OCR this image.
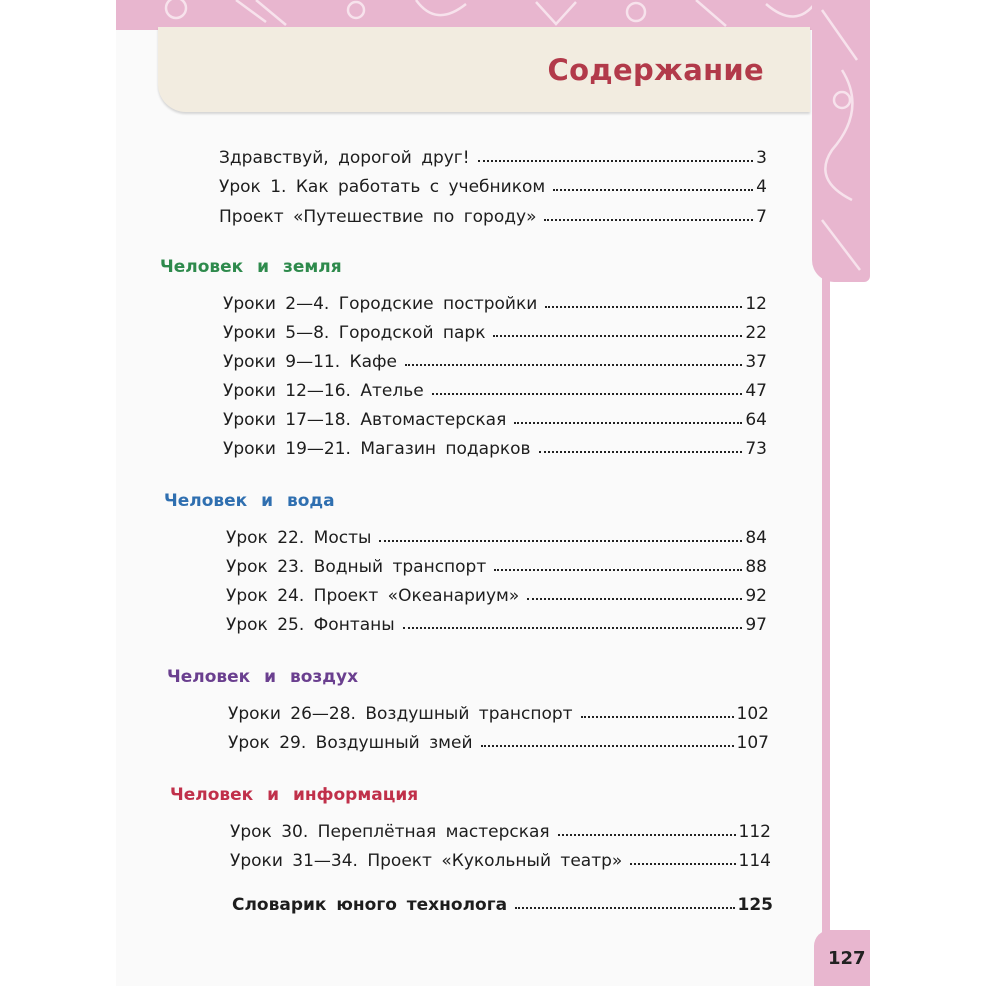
Содержание
Здравствуй, дорогой друг!	3
Урок 1. Как работать с учебником	4
Проект «Путешествие по городу»	7
Человек и земля
Уроки 2—4. Городские постройки	12
Уроки 5—8. Городской парк	22
Уроки 9—11. Кафе	37
Уроки 12—16. Ателье	47
Уроки 17—18. Автомастерская	64
Уроки 19—21. Магазин подарков	73
Человек и вода
Урок 22. Мосты	84
Урок 23. Водный транспорт	88
Урок 24. Проект «Океанариум»	92
Урок 25. Фонтаны	97
Человек и воздух
Уроки 26—28. Воздушный транспорт	102
Урок 29. Воздушный змей	107
Человек и информация
Урок 30. Переплётная мастерская	112
Уроки 31—34. Проект «Кукольный театр»	114
Словарик юного технолога	125
127
